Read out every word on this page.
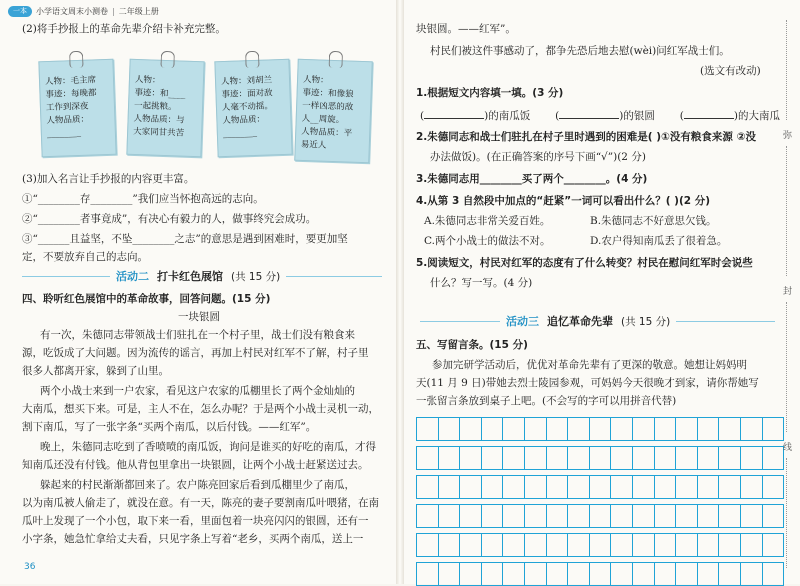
一本	小学语文周末小测卷 | 二年级上册
(2)将手抄报上的革命先辈介绍卡补充完整。
人物：毛主席
事迹：每晚都
工作到深夜
人物品质：
________
人物：
事迹：和____
一起挑粮。
人物品质：与
大家同甘共苦
人物：刘胡兰
事迹：面对敌
人毫不动摇。
人物品质：
________
人物：
事迹：和像狼
一样凶恶的敌
人__周旋。
人物品质：平
易近人
(3)加入名言让手抄报的内容更丰富。
①“________存________”我们应当怀抱高远的志向。
②“________者事竟成”，有决心有毅力的人，做事终究会成功。
③“______且益坚，不坠________之志”的意思是遇到困难时，要更加坚
定，不要放弃自己的志向。
活动二 打卡红色展馆 (共 15 分)
四、聆听红色展馆中的革命故事，回答问题。(15 分)
一块银圆
有一次，朱德同志带领战士们驻扎在一个村子里，战士们没有粮食来
源，吃饭成了大问题。因为流传的谣言，再加上村民对红军不了解，村子里
很多人都离开家，躲到了山里。
两个小战士来到一户农家，看见这户农家的瓜棚里长了两个金灿灿的
大南瓜，想买下来。可是，主人不在，怎么办呢？于是两个小战士灵机一动，
割下南瓜，写了一张字条“买两个南瓜，以后付钱。——红军”。
晚上，朱德同志吃到了香喷喷的南瓜饭，询问是谁买的好吃的南瓜，才得
知南瓜还没有付钱。他从背包里拿出一块银圆，让两个小战士赶紧送过去。
躲起来的村民渐渐都回来了。农户陈亮回家后看到瓜棚里少了南瓜，
以为南瓜被人偷走了，就没在意。有一天，陈亮的妻子要割南瓜叶喂猪，在南
瓜叶上发现了一个小包，取下来一看，里面包着一块亮闪闪的银圆，还有一
小字条，她急忙拿给丈夫看，只见字条上写着“老乡，买两个南瓜，送上一
36
块银圆。——红军”。
村民们被这件事感动了，都争先恐后地去慰(wèi)问红军战士们。
(选文有改动)
1.根据短文内容填一填。(3 分)
(	)的南瓜饭 (	)的银圆 (	)的大南瓜
2.朱德同志和战士们驻扎在村子里时遇到的困难是( )①没有粮食来源 ②没
办法做饭)。(在正确答案的序号下画“√”)(2 分)
3.朱德同志用________买了两个________。(4 分)
4.从第 3 自然段中加点的“赶紧”一词可以看出什么？( )(2 分)
A.朱德同志非常关爱百姓。	B.朱德同志不好意思欠钱。
C.两个小战士的做法不对。	D.农户得知南瓜丢了很着急。
5.阅读短文，村民对红军的态度有了什么转变？村民在慰问红军时会说些
什么？写一写。(4 分)
活动三 追忆革命先辈 (共 15 分)
五、写留言条。(15 分)
参加完研学活动后，优优对革命先辈有了更深的敬意。她想让妈妈明
天(11 月 9 日)带她去烈士陵园参观，可妈妈今天很晚才到家，请你帮她写
一张留言条放到桌子上吧。(不会写的字可以用拼音代替)

弥
封
线
